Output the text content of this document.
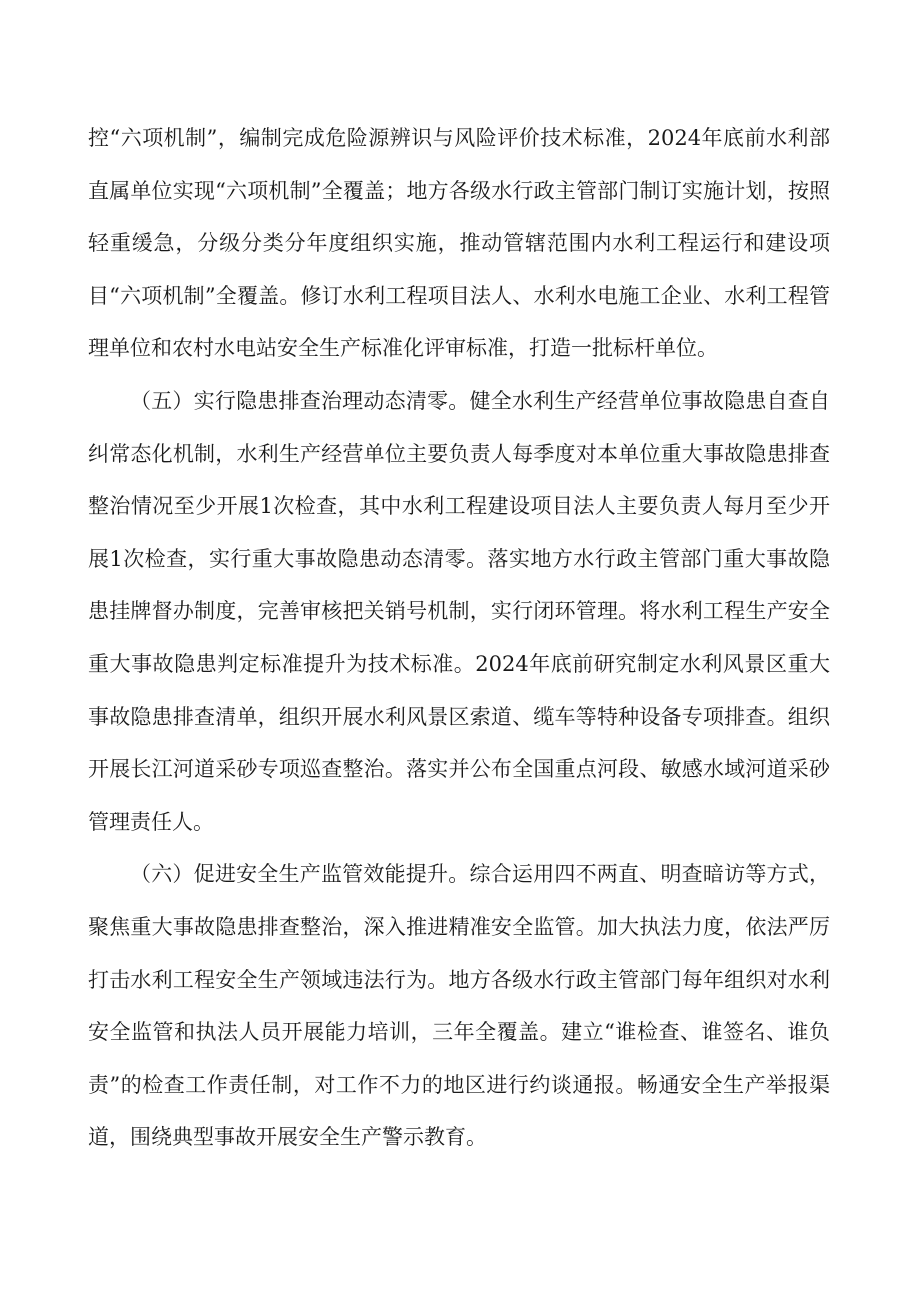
控“六项机制”，编制完成危险源辨识与风险评价技术标准，2024年底前水利部直属单位实现“六项机制”全覆盖；地方各级水行政主管部门制订实施计划，按照轻重缓急，分级分类分年度组织实施，推动管辖范围内水利工程运行和建设项目“六项机制”全覆盖。修订水利工程项目法人、水利水电施工企业、水利工程管理单位和农村水电站安全生产标准化评审标准，打造一批标杆单位。

（五）实行隐患排查治理动态清零。健全水利生产经营单位事故隐患自查自纠常态化机制，水利生产经营单位主要负责人每季度对本单位重大事故隐患排查整治情况至少开展1次检查，其中水利工程建设项目法人主要负责人每月至少开展1次检查，实行重大事故隐患动态清零。落实地方水行政主管部门重大事故隐患挂牌督办制度，完善审核把关销号机制，实行闭环管理。将水利工程生产安全重大事故隐患判定标准提升为技术标准。2024年底前研究制定水利风景区重大事故隐患排查清单，组织开展水利风景区索道、缆车等特种设备专项排查。组织开展长江河道采砂专项巡查整治。落实并公布全国重点河段、敏感水域河道采砂管理责任人。

（六）促进安全生产监管效能提升。综合运用四不两直、明查暗访等方式，聚焦重大事故隐患排查整治，深入推进精准安全监管。加大执法力度，依法严厉打击水利工程安全生产领域违法行为。地方各级水行政主管部门每年组织对水利安全监管和执法人员开展能力培训，三年全覆盖。建立“谁检查、谁签名、谁负责”的检查工作责任制，对工作不力的地区进行约谈通报。畅通安全生产举报渠道，围绕典型事故开展安全生产警示教育。
